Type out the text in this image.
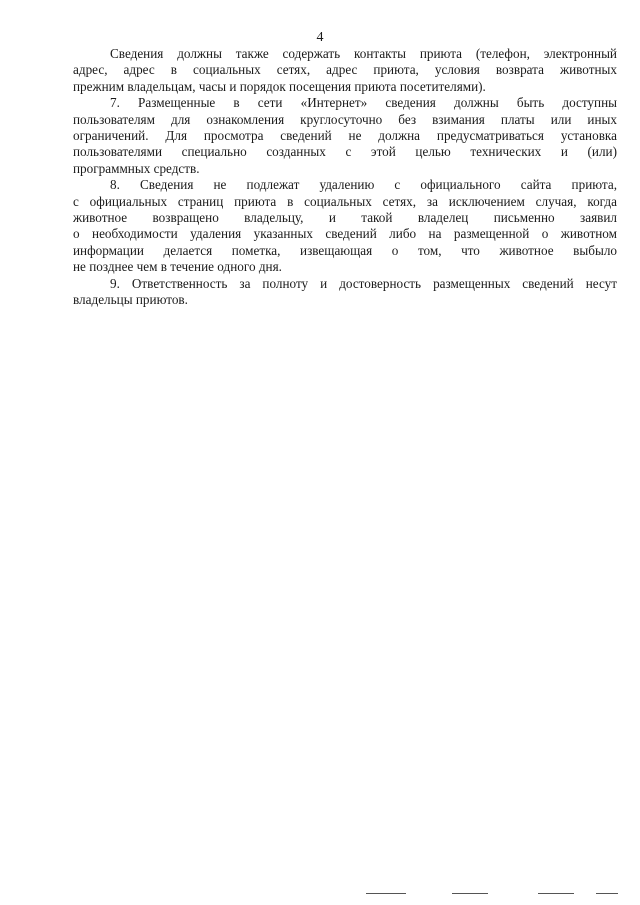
4

Сведения должны также содержать контакты приюта (телефон, электронный
адрес, адрес в социальных сетях, адрес приюта, условия возврата животных
прежним владельцам, часы и порядок посещения приюта посетителями).

7. Размещенные в сети «Интернет» сведения должны быть доступны
пользователям для ознакомления круглосуточно без взимания платы или иных
ограничений. Для просмотра сведений не должна предусматриваться установка
пользователями специально созданных с этой целью технических и (или)
программных средств.

8. Сведения не подлежат удалению с официального сайта приюта,
с официальных страниц приюта в социальных сетях, за исключением случая, когда
животное возвращено владельцу, и такой владелец письменно заявил
о необходимости удаления указанных сведений либо на размещенной о животном
информации делается пометка, извещающая о том, что животное выбыло
не позднее чем в течение одного дня.

9. Ответственность за полноту и достоверность размещенных сведений несут
владельцы приютов.
